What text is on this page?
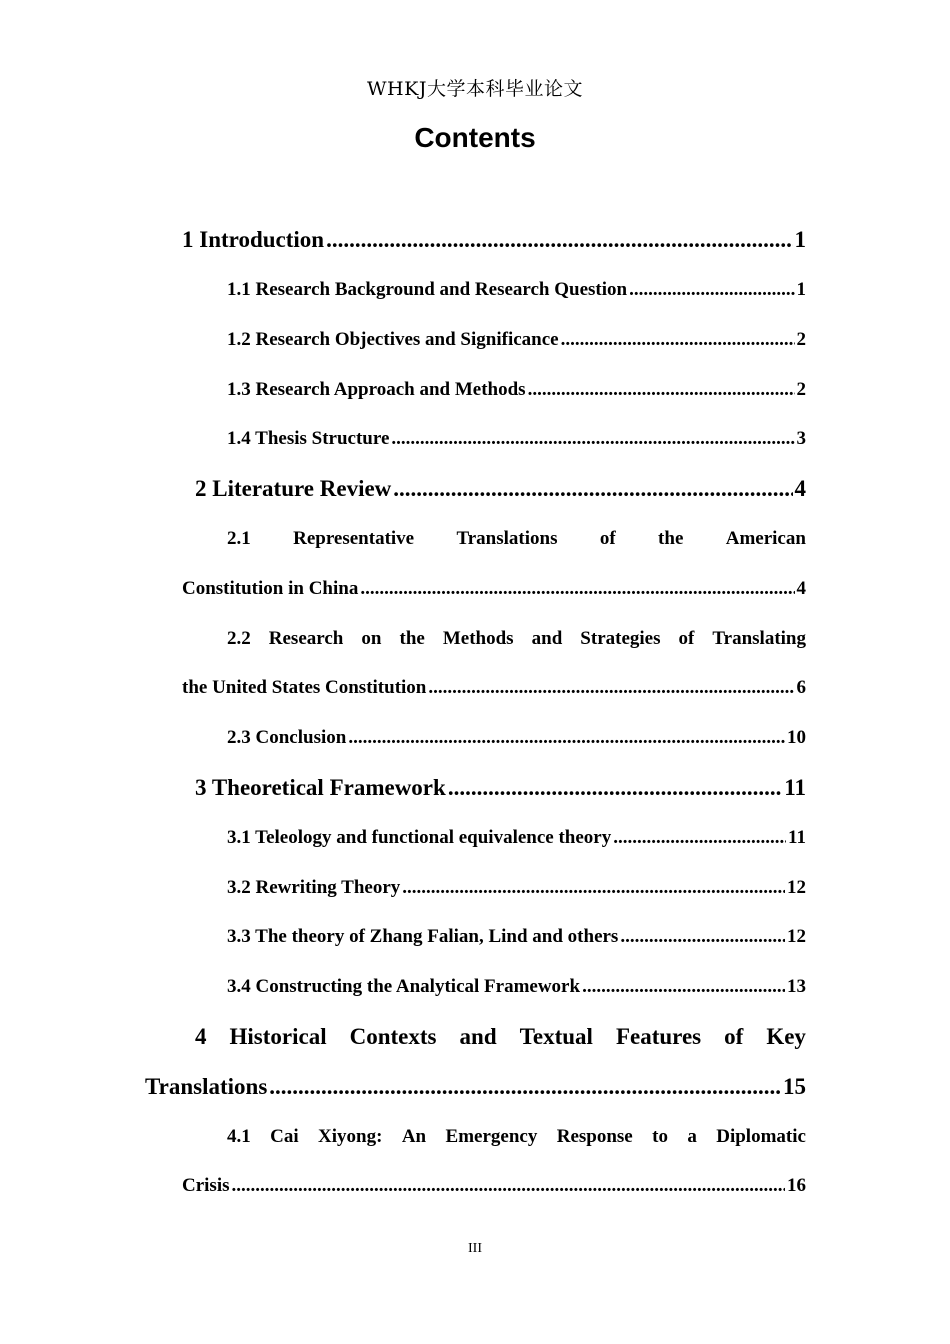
WHKJ大学本科毕业论文
Contents
1 Introduction .....	1
1.1 Research Background and Research Question .....	1
1.2 Research Objectives and Significance .....	2
1.3 Research Approach and Methods .....	2
1.4 Thesis Structure .....	3
2 Literature Review .....	4
2.1 Representative Translations of the American
Constitution in China .....	4
2.2 Research on the Methods and Strategies of Translating
the United States Constitution .....	6
2.3 Conclusion .....	10
3 Theoretical Framework .....	11
3.1 Teleology and functional equivalence theory .....	11
3.2 Rewriting Theory .....	12
3.3 The theory of Zhang Falian, Lind and others .....	12
3.4 Constructing the Analytical Framework .....	13
4 Historical Contexts and Textual Features of Key
Translations .....	15
4.1 Cai Xiyong: An Emergency Response to a Diplomatic
Crisis .....	16
III
